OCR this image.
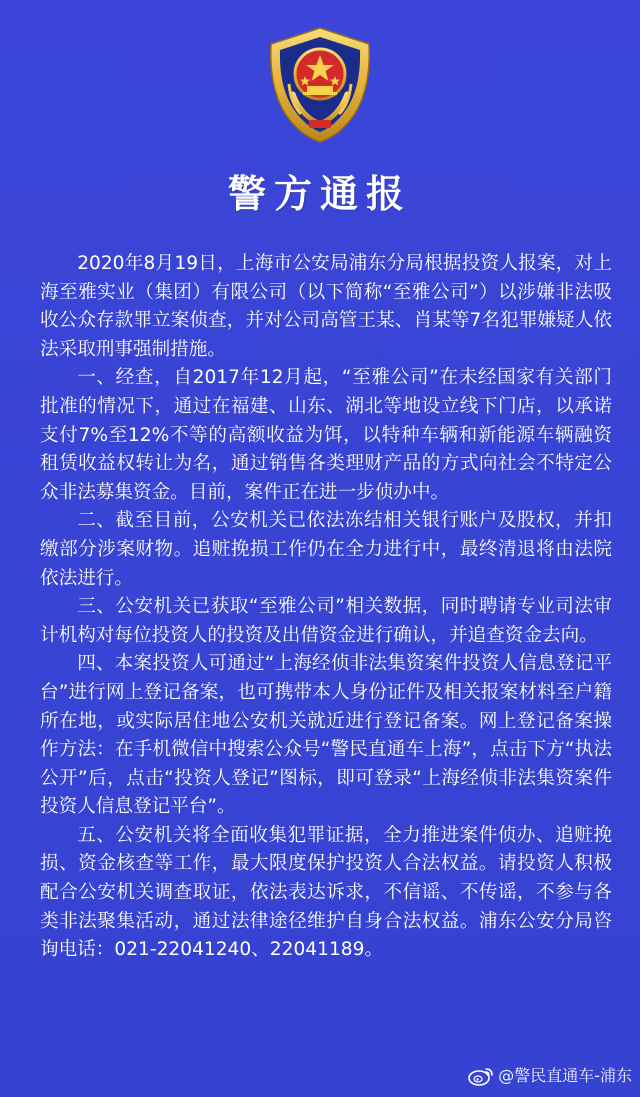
警方通报

2020年8月19日，上海市公安局浦东分局根据投资人报案，对上海至雅实业（集团）有限公司（以下简称“至雅公司”）以涉嫌非法吸收公众存款罪立案侦查，并对公司高管王某、肖某等7名犯罪嫌疑人依法采取刑事强制措施。

一、经查，自2017年12月起，“至雅公司”在未经国家有关部门批准的情况下，通过在福建、山东、湖北等地设立线下门店，以承诺支付7%至12%不等的高额收益为饵，以特种车辆和新能源车辆融资租赁收益权转让为名，通过销售各类理财产品的方式向社会不特定公众非法募集资金。目前，案件正在进一步侦办中。

二、截至目前，公安机关已依法冻结相关银行账户及股权，并扣缴部分涉案财物。追赃挽损工作仍在全力进行中，最终清退将由法院依法进行。

三、公安机关已获取“至雅公司”相关数据，同时聘请专业司法审计机构对每位投资人的投资及出借资金进行确认，并追查资金去向。

四、本案投资人可通过“上海经侦非法集资案件投资人信息登记平台”进行网上登记备案，也可携带本人身份证件及相关报案材料至户籍所在地，或实际居住地公安机关就近进行登记备案。网上登记备案操作方法：在手机微信中搜索公众号“警民直通车上海”，点击下方“执法公开”后，点击“投资人登记”图标，即可登录“上海经侦非法集资案件投资人信息登记平台”。

五、公安机关将全面收集犯罪证据，全力推进案件侦办、追赃挽损、资金核查等工作，最大限度保护投资人合法权益。请投资人积极配合公安机关调查取证，依法表达诉求，不信谣、不传谣，不参与各类非法聚集活动，通过法律途径维护自身合法权益。浦东公安分局咨询电话：021-22041240、22041189。

@警民直通车-浦东
